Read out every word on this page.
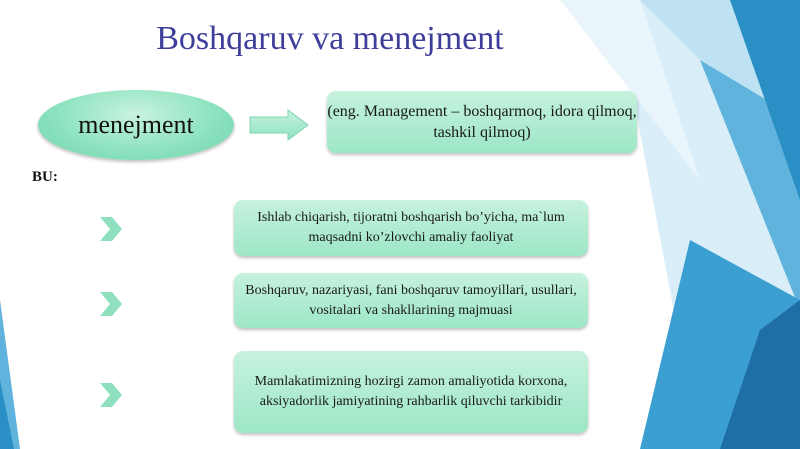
Boshqaruv va menejment
menejment	(eng. Management – boshqarmoq, idora qilmoq, tashkil qilmoq)
BU:
Ishlab chiqarish, tijoratni boshqarish bo’yicha, ma`lum maqsadni ko’zlovchi amaliy faoliyat
Boshqaruv, nazariyasi, fani boshqaruv tamoyillari, usullari, vositalari va shakllarining majmuasi
Mamlakatimizning hozirgi zamon amaliyotida korxona, aksiyadorlik jamiyatining rahbarlik qiluvchi tarkibidir
